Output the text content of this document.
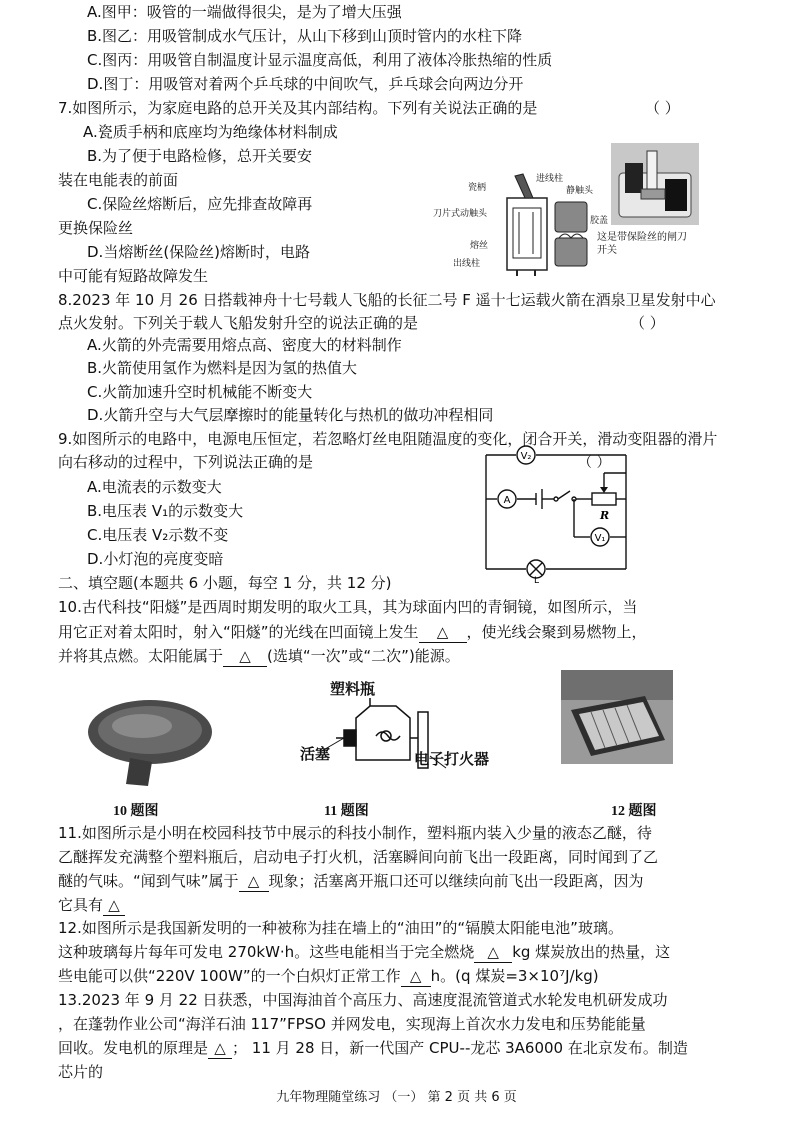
A.图甲：吸管的一端做得很尖，是为了增大压强
B.图乙：用吸管制成水气压计，从山下移到山顶时管内的水柱下降
C.图丙：用吸管自制温度计显示温度高低，利用了液体冷胀热缩的性质
D.图丁：用吸管对着两个乒乓球的中间吹气，乒乓球会向两边分开
7.如图所示，为家庭电路的总开关及其内部结构。下列有关说法正确的是	（ ）
A.瓷质手柄和底座均为绝缘体材料制成
B.为了便于电路检修，总开关要安
装在电能表的前面
C.保险丝熔断后，应先排查故障再
更换保险丝
D.当熔断丝(保险丝)熔断时，电路
中可能有短路故障发生
瓷柄
进线柱
静触头
刀片式动触头
胶盖
熔丝
出线柱
这是带保险丝的闸刀
开关
8.2023 年 10 月 26 日搭载神舟十七号载人飞船的长征二号 F 遥十七运载火箭在酒泉卫星发射中心
点火发射。下列关于载人飞船发射升空的说法正确的是	（ ）
A.火箭的外壳需要用熔点高、密度大的材料制作
B.火箭使用氢作为燃料是因为氢的热值大
C.火箭加速升空时机械能不断变大
D.火箭升空与大气层摩擦时的能量转化与热机的做功冲程相同
9.如图所示的电路中，电源电压恒定，若忽略灯丝电阻随温度的变化，闭合开关，滑动变阻器的滑片
向右移动的过程中，下列说法正确的是
A.电流表的示数变大
B.电压表 V₁的示数变大
C.电压表 V₂示数不变
D.小灯泡的亮度变暗
V₂
A
R
V₁
L
（ ）
二、填空题(本题共 6 小题，每空 1 分，共 12 分)
10.古代科技“阳燧”是西周时期发明的取火工具，其为球面内凹的青铜镜，如图所示，当
用它正对着太阳时，射入“阳燧”的光线在凹面镜上发生 △ ，使光线会聚到易燃物上，
并将其点燃。太阳能属于 △ (选填“一次”或“二次”)能源。
塑料瓶
活塞	电子打火器
10 题图	11 题图	12 题图
11.如图所示是小明在校园科技节中展示的科技小制作，塑料瓶内装入少量的液态乙醚，待
乙醚挥发充满整个塑料瓶后，启动电子打火机，活塞瞬间向前飞出一段距离，同时闻到了乙
醚的气味。“闻到气味”属于 △ 现象；活塞离开瓶口还可以继续向前飞出一段距离，因为
它具有 △
12.如图所示是我国新发明的一种被称为挂在墙上的“油田”的“镉膜太阳能电池”玻璃。
这种玻璃每片每年可发电 270kW·h。这些电能相当于完全燃烧 △ kg 煤炭放出的热量，这
些电能可以供“220V 100W”的一个白炽灯正常工作 △ h。(q 煤炭=3×10⁷J/kg)
13.2023 年 9 月 22 日获悉，中国海油首个高压力、高速度混流管道式水轮发电机研发成功
，在蓬勃作业公司“海洋石油 117”FPSO 并网发电，实现海上首次水力发电和压势能能量
回收。发电机的原理是 △ ； 11 月 28 日，新一代国产 CPU--龙芯 3A6000 在北京发布。制造
芯片的
九年物理随堂练习 （一） 第 2 页 共 6 页
